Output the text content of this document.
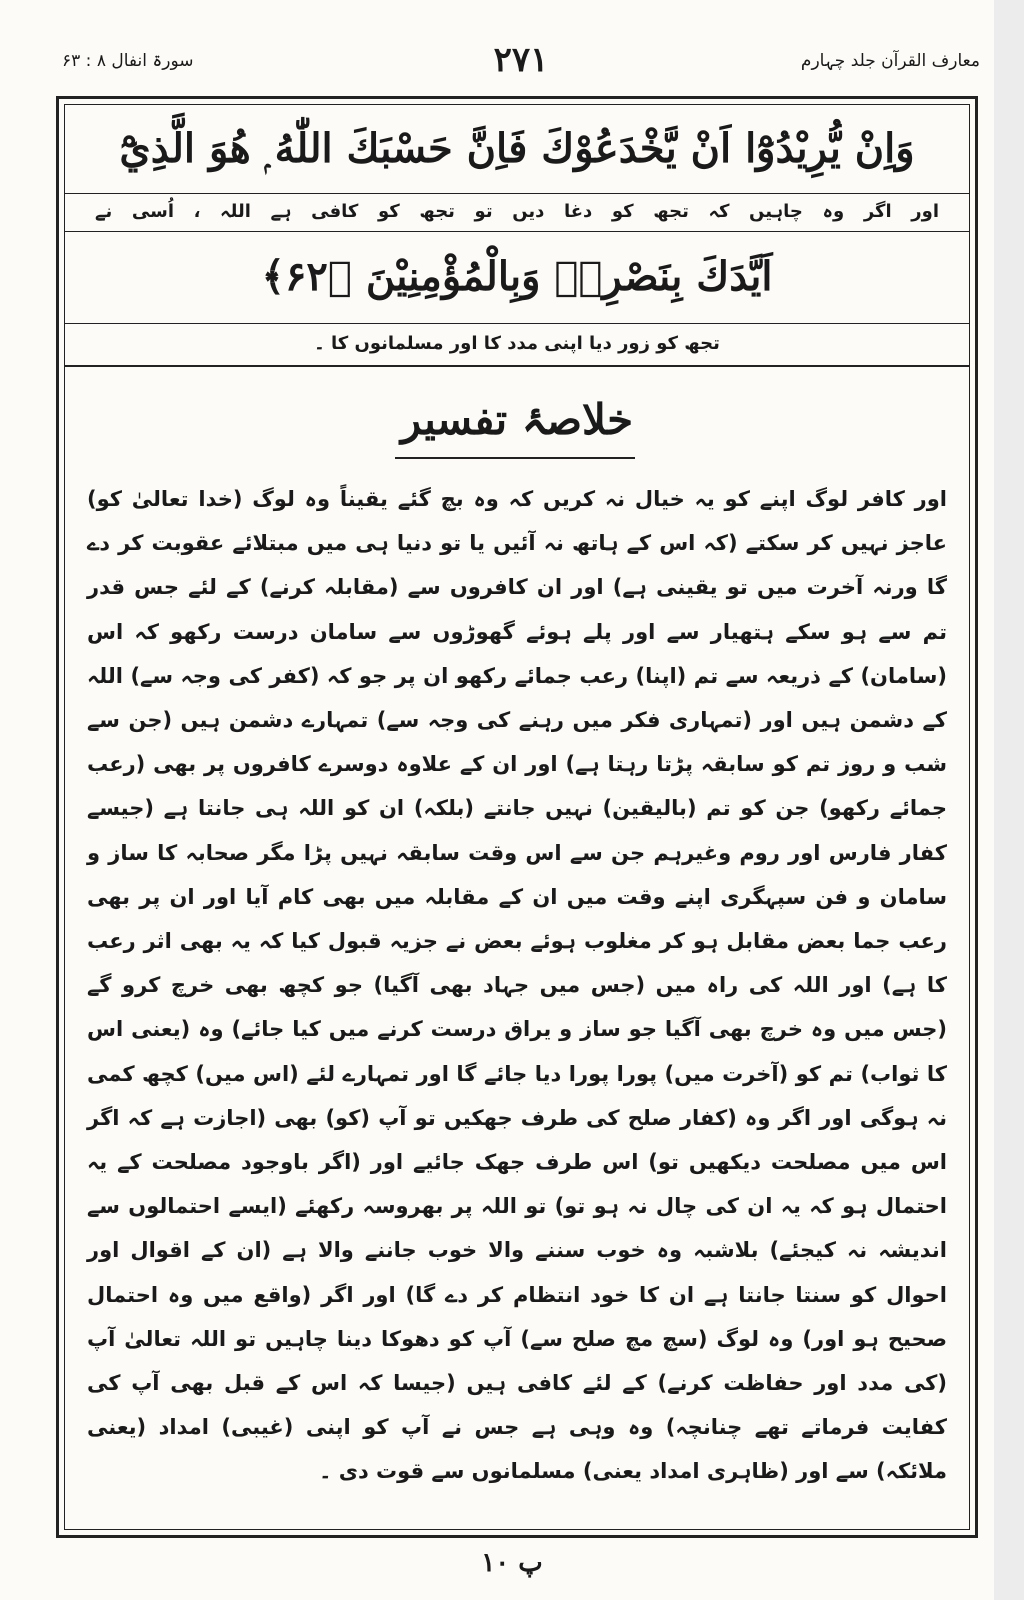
معارف القرآن جلد چہارم
۲۷۱
سورۃ انفال ۸ : ۶۳
وَاِنْ يُّرِيْدُوْٓا اَنْ يَّخْدَعُوْكَ فَاِنَّ حَسْبَكَ اللّٰهُ ۭ هُوَ الَّذِيْٓ
اور اگر وہ چاہیں کہ تجھ کو دغا دیں تو تجھ کو کافی ہے اللہ ، اُسی نے
اَيَّدَكَ بِنَصْرِهٖ وَبِالْمُؤْمِنِيْنَ ﴿۶۲﴾
تجھ کو زور دیا اپنی مدد کا اور مسلمانوں کا ۔
خلاصۂ تفسیر

اور کافر لوگ اپنے کو یہ خیال نہ کریں کہ وہ بچ گئے یقیناً وہ لوگ (خدا تعالیٰ کو) عاجز نہیں کر سکتے (کہ اس کے ہاتھ نہ آئیں یا تو دنیا ہی میں مبتلائے عقوبت کر دے گا ورنہ آخرت میں تو یقینی ہے) اور ان کافروں سے (مقابلہ کرنے) کے لئے جس قدر تم سے ہو سکے ہتھیار سے اور پلے ہوئے گھوڑوں سے سامان درست رکھو کہ اس (سامان) کے ذریعہ سے تم (اپنا) رعب جمائے رکھو ان پر جو کہ (کفر کی وجہ سے) اللہ کے دشمن ہیں اور (تمہاری فکر میں رہنے کی وجہ سے) تمہارے دشمن ہیں (جن سے شب و روز تم کو سابقہ پڑتا رہتا ہے) اور ان کے علاوہ دوسرے کافروں پر بھی (رعب جمائے رکھو) جن کو تم (بالیقین) نہیں جانتے (بلکہ) ان کو اللہ ہی جانتا ہے (جیسے کفار فارس اور روم وغیرہم جن سے اس وقت سابقہ نہیں پڑا مگر صحابہ کا ساز و سامان و فن سپہگری اپنے وقت میں ان کے مقابلہ میں بھی کام آیا اور ان پر بھی رعب جما بعض مقابل ہو کر مغلوب ہوئے بعض نے جزیہ قبول کیا کہ یہ بھی اثر رعب کا ہے) اور اللہ کی راہ میں (جس میں جہاد بھی آگیا) جو کچھ بھی خرچ کرو گے (جس میں وہ خرچ بھی آگیا جو ساز و یراق درست کرنے میں کیا جائے) وہ (یعنی اس کا ثواب) تم کو (آخرت میں) پورا پورا دیا جائے گا اور تمہارے لئے (اس میں) کچھ کمی نہ ہوگی اور اگر وہ (کفار صلح کی طرف جھکیں تو آپ (کو) بھی (اجازت ہے کہ اگر اس میں مصلحت دیکھیں تو) اس طرف جھک جائیے اور (اگر باوجود مصلحت کے یہ احتمال ہو کہ یہ ان کی چال نہ ہو تو) تو اللہ پر بھروسہ رکھئے (ایسے احتمالوں سے اندیشہ نہ کیجئے) بلاشبہ وہ خوب سننے والا خوب جاننے والا ہے (ان کے اقوال اور احوال کو سنتا جانتا ہے ان کا خود انتظام کر دے گا) اور اگر (واقع میں وہ احتمال صحیح ہو اور) وہ لوگ (سچ مچ صلح سے) آپ کو دھوکا دینا چاہیں تو اللہ تعالیٰ آپ (کی مدد اور حفاظت کرنے) کے لئے کافی ہیں (جیسا کہ اس کے قبل بھی آپ کی کفایت فرماتے تھے چنانچہ) وہ وہی ہے جس نے آپ کو اپنی (غیبی) امداد (یعنی ملائکہ) سے اور (ظاہری امداد یعنی) مسلمانوں سے قوت دی ۔

پ ۱۰
